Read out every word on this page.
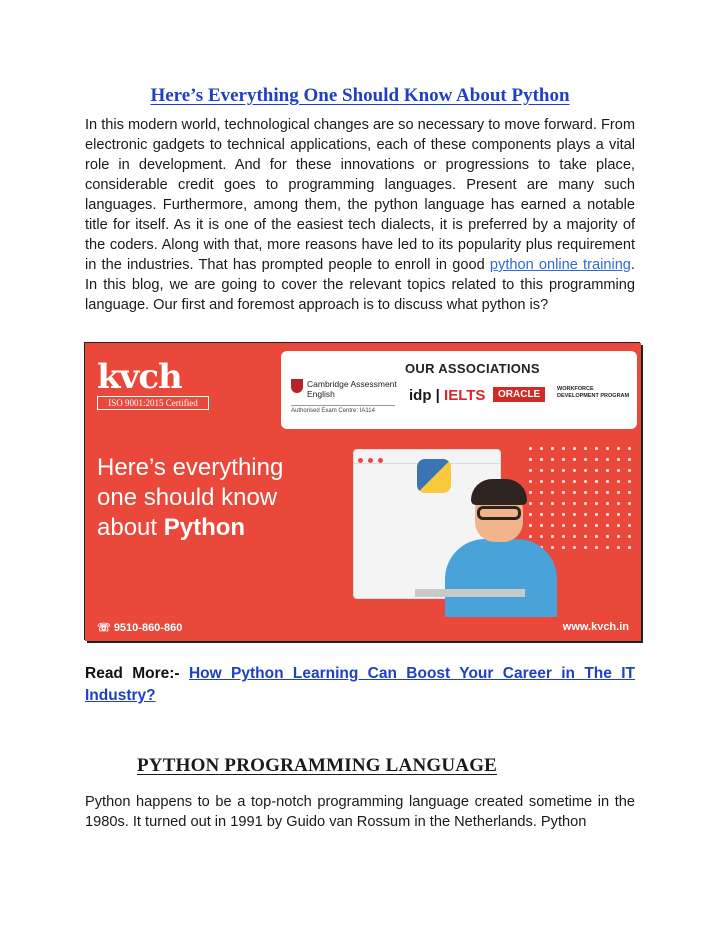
Here’s Everything One Should Know About Python

In this modern world, technological changes are so necessary to move forward. From electronic gadgets to technical applications, each of these components plays a vital role in development. And for these innovations or progressions to take place, considerable credit goes to programming languages. Present are many such languages. Furthermore, among them, the python language has earned a notable title for itself. As it is one of the easiest tech dialects, it is preferred by a majority of the coders. Along with that, more reasons have led to its popularity plus requirement in the industries. That has prompted people to enroll in good python online training. In this blog, we are going to cover the relevant topics related to this programming language. Our first and foremost approach is to discuss what python is?

kvch
ISO 9001:2015 Certified
OUR ASSOCIATIONS
Cambridge Assessment
English
Authorised Exam Centre: IA114
idp | IELTS	ORACLE	WORKFORCE
DEVELOPMENT PROGRAM
Here’s everything
one should know
about Python
☏ 9510-860-860	www.kvch.in

Read More:- How Python Learning Can Boost Your Career in The IT Industry?

PYTHON PROGRAMMING LANGUAGE

Python happens to be a top-notch programming language created sometime in the 1980s. It turned out in 1991 by Guido van Rossum in the Netherlands. Python
